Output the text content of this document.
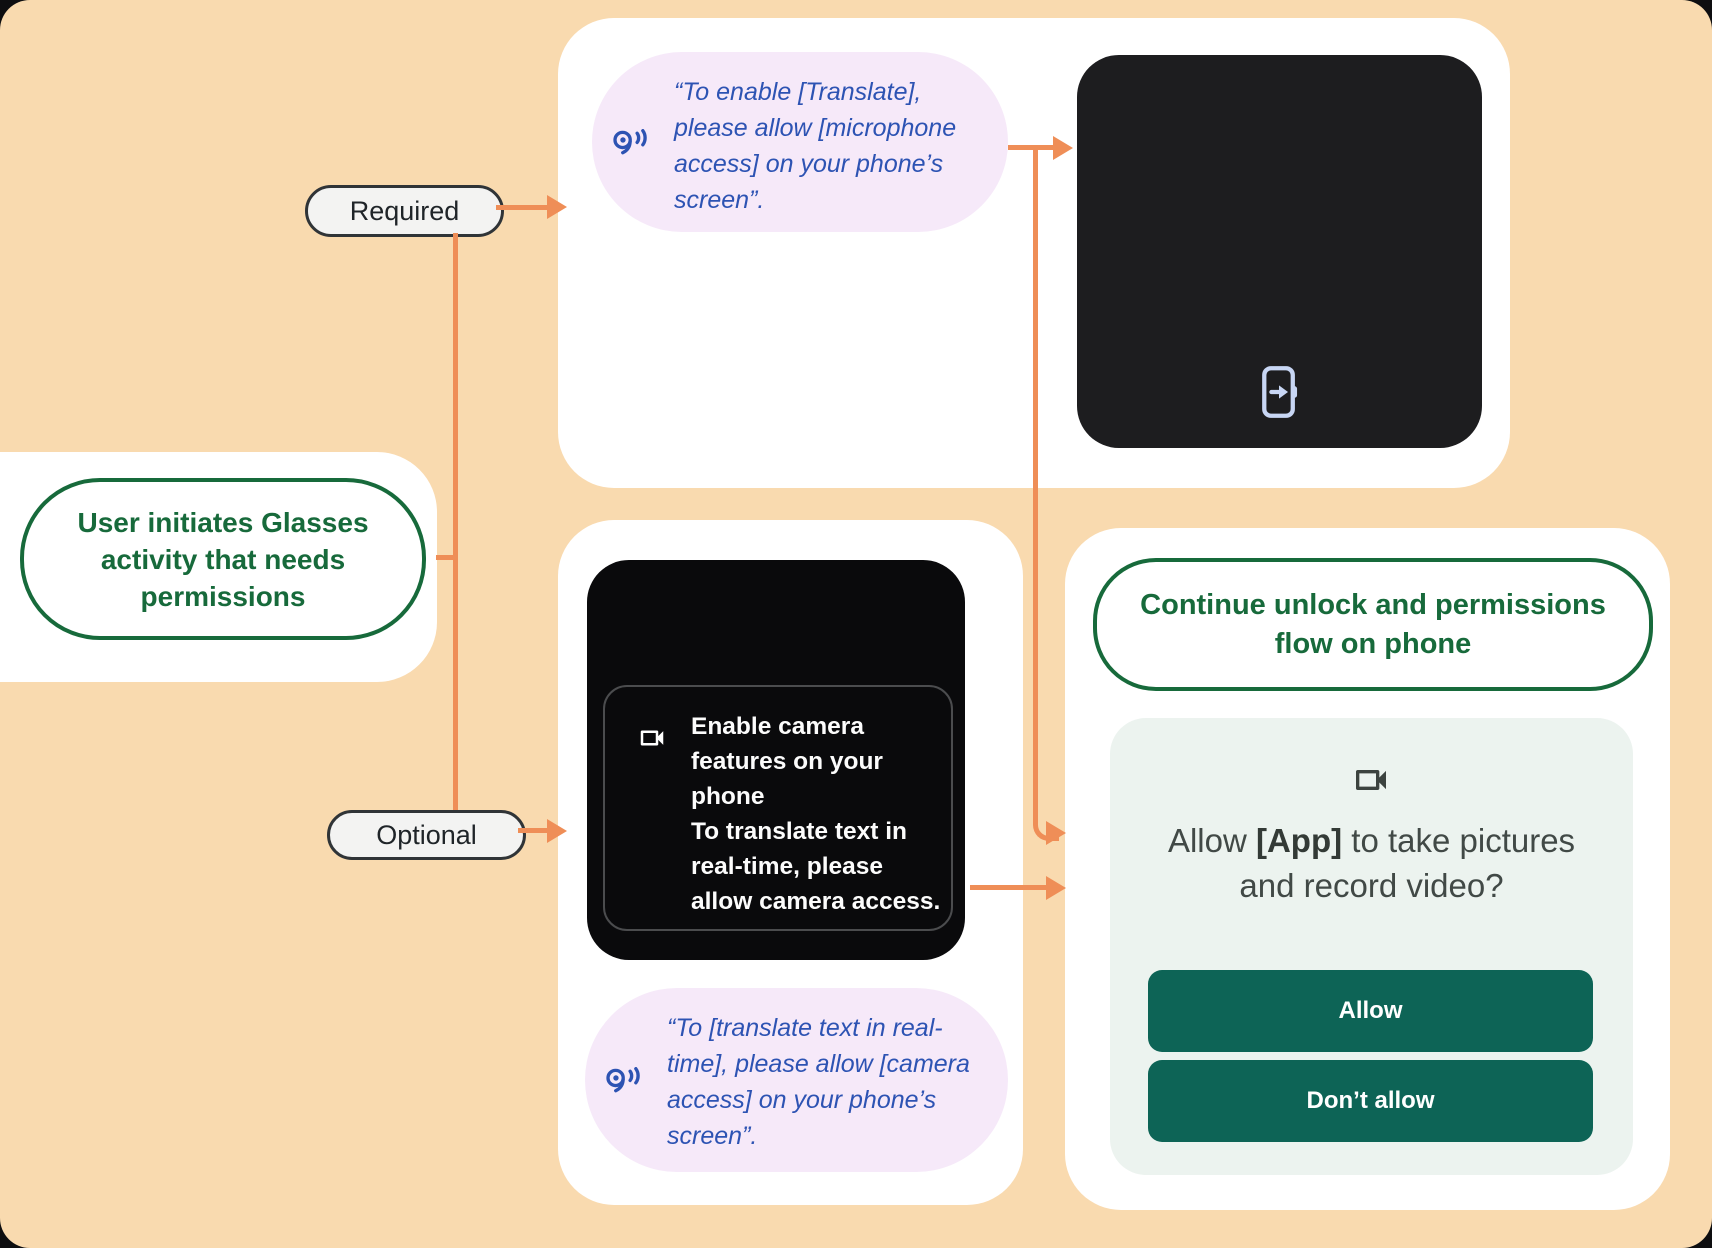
User initiates Glasses
activity that needs
permissions
Required
Optional
“To enable [Translate],
please allow [microphone
access] on your phone’s
screen”.
Enable camera
features on your
phone
To translate text in
real-time, please
allow camera access.
“To [translate text in real-
time], please allow [camera
access] on your phone’s
screen”.
Continue unlock and permissions
flow on phone
Allow [App] to take pictures
and record video?
Allow
Don’t allow
